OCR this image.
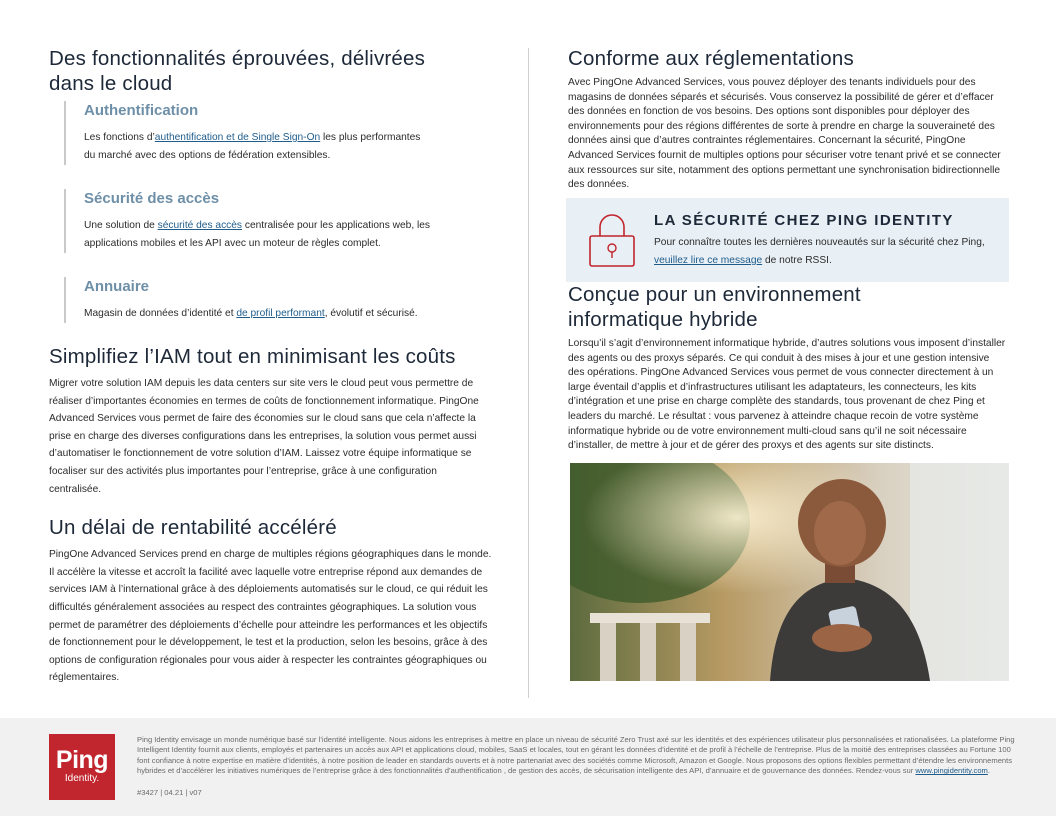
Des fonctionnalités éprouvées, délivrées dans le cloud
Authentification

Les fonctions d’authentification et de Single Sign-On les plus performantes du marché avec des options de fédération extensibles.

Sécurité des accès

Une solution de sécurité des accès centralisée pour les applications web, les applications mobiles et les API avec un moteur de règles complet.

Annuaire

Magasin de données d’identité et de profil performant, évolutif et sécurisé.

Simplifiez l’IAM tout en minimisant les coûts

Migrer votre solution IAM depuis les data centers sur site vers le cloud peut vous permettre de réaliser d’importantes économies en termes de coûts de fonctionnement informatique. PingOne Advanced Services vous permet de faire des économies sur le cloud sans que cela n’affecte la prise en charge des diverses configurations dans les entreprises, la solution vous permet aussi d’automatiser le fonctionnement de votre solution d’IAM. Laissez votre équipe informatique se focaliser sur des activités plus importantes pour l’entreprise, grâce à une configuration centralisée.

Un délai de rentabilité accéléré

PingOne Advanced Services prend en charge de multiples régions géographiques dans le monde. Il accélère la vitesse et accroît la facilité avec laquelle votre entreprise répond aux demandes de services IAM à l’international grâce à des déploiements automatisés sur le cloud, ce qui réduit les difficultés généralement associées au respect des contraintes géographiques. La solution vous permet de paramétrer des déploiements d’échelle pour atteindre les performances et les objectifs de fonctionnement pour le développement, le test et la production, selon les besoins, grâce à des options de configuration régionales pour vous aider à respecter les contraintes géographiques ou réglementaires.

Conforme aux réglementations

Avec PingOne Advanced Services, vous pouvez déployer des tenants individuels pour des magasins de données séparés et sécurisés. Vous conservez la possibilité de gérer et d’effacer des données en fonction de vos besoins. Des options sont disponibles pour déployer des environnements pour des régions différentes de sorte à prendre en charge la souveraineté des données ainsi que d’autres contraintes réglementaires. Concernant la sécurité, PingOne Advanced Services fournit de multiples options pour sécuriser votre tenant privé et se connecter aux ressources sur site, notamment des options permettant une synchronisation bidirectionnelle des données.

LA SÉCURITÉ CHEZ PING IDENTITY

Pour connaître toutes les dernières nouveautés sur la sécurité chez Ping, veuillez lire ce message de notre RSSI.

Conçue pour un environnement informatique hybride

Lorsqu’il s’agit d’environnement informatique hybride, d’autres solutions vous imposent d’installer des agents ou des proxys séparés. Ce qui conduit à des mises à jour et une gestion intensive des opérations. PingOne Advanced Services vous permet de vous connecter directement à un large éventail d’applis et d’infrastructures utilisant les adaptateurs, les connecteurs, les kits d’intégration et une prise en charge complète des standards, tous provenant de chez Ping et leaders du marché. Le résultat : vous parvenez à atteindre chaque recoin de votre système informatique hybride ou de votre environnement multi-cloud sans qu’il ne soit nécessaire d’installer, de mettre à jour et de gérer des proxys et des agents sur site distincts.

Ping
Identity.

Ping Identity envisage un monde numérique basé sur l’identité intelligente. Nous aidons les entreprises à mettre en place un niveau de sécurité Zero Trust axé sur les identités et des expériences utilisateur plus personnalisées et rationalisées. La plateforme Ping Intelligent Identity fournit aux clients, employés et partenaires un accès aux API et applications cloud, mobiles, SaaS et locales, tout en gérant les données d’identité et de profil à l’échelle de l’entreprise. Plus de la moitié des entreprises classées au Fortune 100 font confiance à notre expertise en matière d’identités, à notre position de leader en standards ouverts et à notre partenariat avec des sociétés comme Microsoft, Amazon et Google. Nous proposons des options flexibles permettant d’étendre les environnements hybrides et d’accélérer les initiatives numériques de l’entreprise grâce à des fonctionnalités d’authentification , de gestion des accès, de sécurisation intelligente des API, d’annuaire et de gouvernance des données. Rendez-vous sur www.pingidentity.com.

#3427 | 04.21 | v07
